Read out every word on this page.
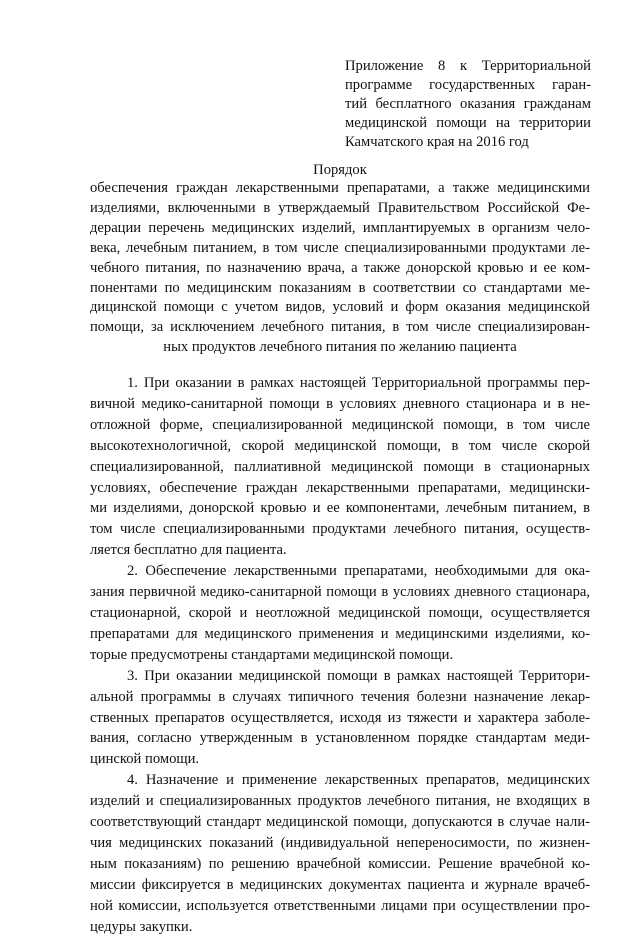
Приложение 8 к Территориальной
программе государственных гаран-
тий бесплатного оказания гражданам
медицинской помощи на территории
Камчатского края на 2016 год
Порядок
обеспечения граждан лекарственными препаратами, а также медицинскими
изделиями, включенными в утверждаемый Правительством Российской Фе-
дерации перечень медицинских изделий, имплантируемых в организм чело-
века, лечебным питанием, в том числе специализированными продуктами ле-
чебного питания, по назначению врача, а также донорской кровью и ее ком-
понентами по медицинским показаниям в соответствии со стандартами ме-
дицинской помощи с учетом видов, условий и форм оказания медицинской
помощи, за исключением лечебного питания, в том числе специализирован-
ных продуктов лечебного питания по желанию пациента
1. При оказании в рамках настоящей Территориальной программы пер-
вичной медико-санитарной помощи в условиях дневного стационара и в не-
отложной форме, специализированной медицинской помощи, в том числе
высокотехнологичной, скорой медицинской помощи, в том числе скорой
специализированной, паллиативной медицинской помощи в стационарных
условиях, обеспечение граждан лекарственными препаратами, медицински-
ми изделиями, донорской кровью и ее компонентами, лечебным питанием, в
том числе специализированными продуктами лечебного питания, осуществ-
ляется бесплатно для пациента.
2. Обеспечение лекарственными препаратами, необходимыми для ока-
зания первичной медико-санитарной помощи в условиях дневного стационара,
стационарной, скорой и неотложной медицинской помощи, осуществляется
препаратами для медицинского применения и медицинскими изделиями, ко-
торые предусмотрены стандартами медицинской помощи.
3. При оказании медицинской помощи в рамках настоящей Территори-
альной программы в случаях типичного течения болезни назначение лекар-
ственных препаратов осуществляется, исходя из тяжести и характера заболе-
вания, согласно утвержденным в установленном порядке стандартам меди-
цинской помощи.
4. Назначение и применение лекарственных препаратов, медицинских
изделий и специализированных продуктов лечебного питания, не входящих в
соответствующий стандарт медицинской помощи, допускаются в случае нали-
чия медицинских показаний (индивидуальной непереносимости, по жизнен-
ным показаниям) по решению врачебной комиссии. Решение врачебной ко-
миссии фиксируется в медицинских документах пациента и журнале врачеб-
ной комиссии, используется ответственными лицами при осуществлении про-
цедуры закупки.
